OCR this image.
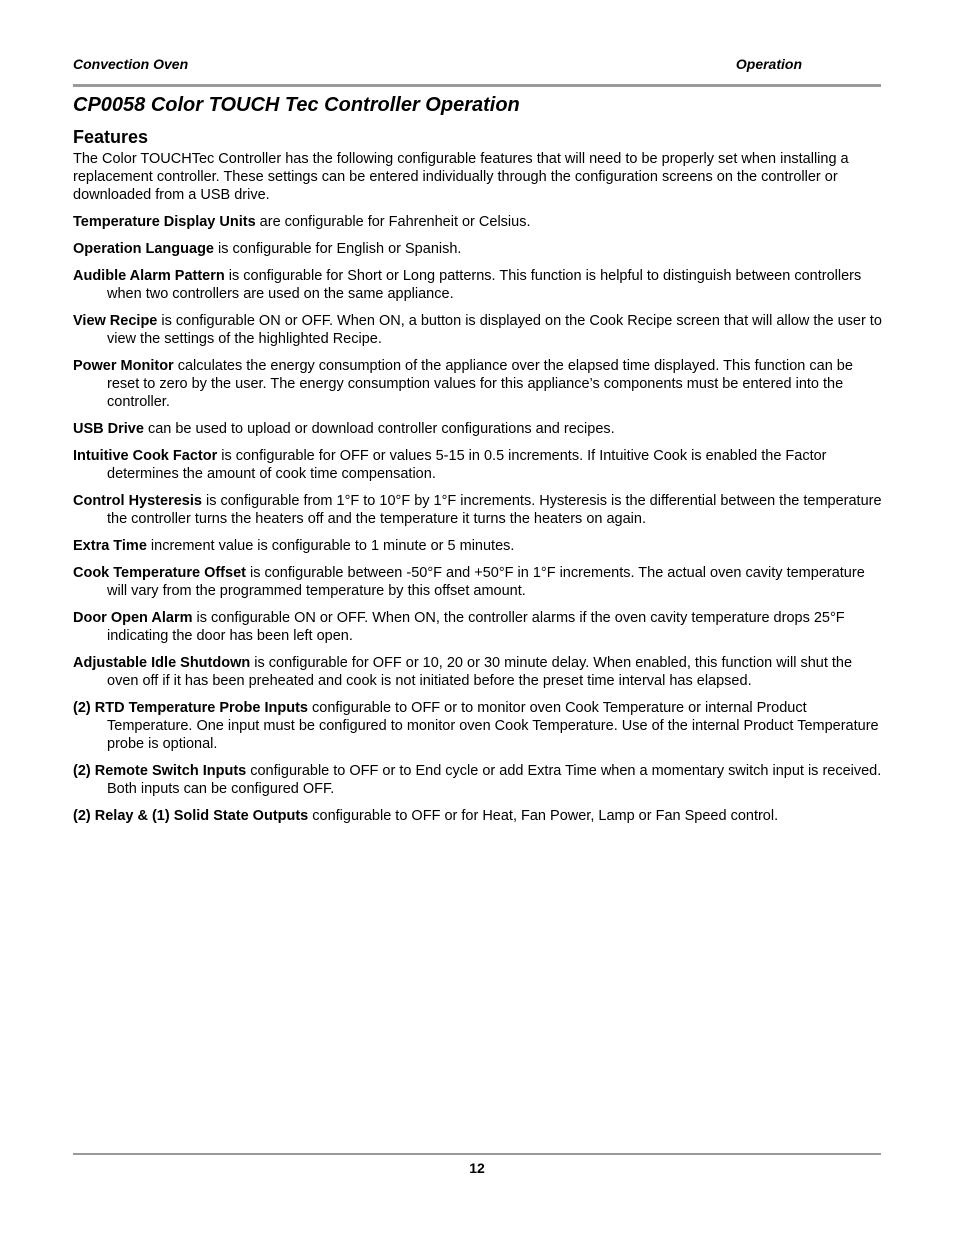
Convection Oven	Operation
CP0058 Color TOUCH Tec Controller Operation
Features

The Color TOUCHTec Controller has the following configurable features that will need to be properly set when installing a replacement controller. These settings can be entered individually through the configuration screens on the controller or downloaded from a USB drive.

Temperature Display Units are configurable for Fahrenheit or Celsius.

Operation Language is configurable for English or Spanish.

Audible Alarm Pattern is configurable for Short or Long patterns. This function is helpful to distinguish between controllers when two controllers are used on the same appliance.

View Recipe is configurable ON or OFF. When ON, a button is displayed on the Cook Recipe screen that will allow the user to view the settings of the highlighted Recipe.

Power Monitor calculates the energy consumption of the appliance over the elapsed time displayed. This function can be reset to zero by the user. The energy consumption values for this appliance’s components must be entered into the controller.

USB Drive can be used to upload or download controller configurations and recipes.

Intuitive Cook Factor is configurable for OFF or values 5-15 in 0.5 increments. If Intuitive Cook is enabled the Factor determines the amount of cook time compensation.

Control Hysteresis is configurable from 1°F to 10°F by 1°F increments. Hysteresis is the differential between the temperature the controller turns the heaters off and the temperature it turns the heaters on again.

Extra Time increment value is configurable to 1 minute or 5 minutes.

Cook Temperature Offset is configurable between -50°F and +50°F in 1°F increments. The actual oven cavity temperature will vary from the programmed temperature by this offset amount.

Door Open Alarm is configurable ON or OFF. When ON, the controller alarms if the oven cavity temperature drops 25°F indicating the door has been left open.

Adjustable Idle Shutdown is configurable for OFF or 10, 20 or 30 minute delay. When enabled, this function will shut the oven off if it has been preheated and cook is not initiated before the preset time interval has elapsed.

(2) RTD Temperature Probe Inputs configurable to OFF or to monitor oven Cook Temperature or internal Product Temperature. One input must be configured to monitor oven Cook Temperature. Use of the internal Product Temperature probe is optional.

(2) Remote Switch Inputs configurable to OFF or to End cycle or add Extra Time when a momentary switch input is received. Both inputs can be configured OFF.

(2) Relay & (1) Solid State Outputs configurable to OFF or for Heat, Fan Power, Lamp or Fan Speed control.

12
